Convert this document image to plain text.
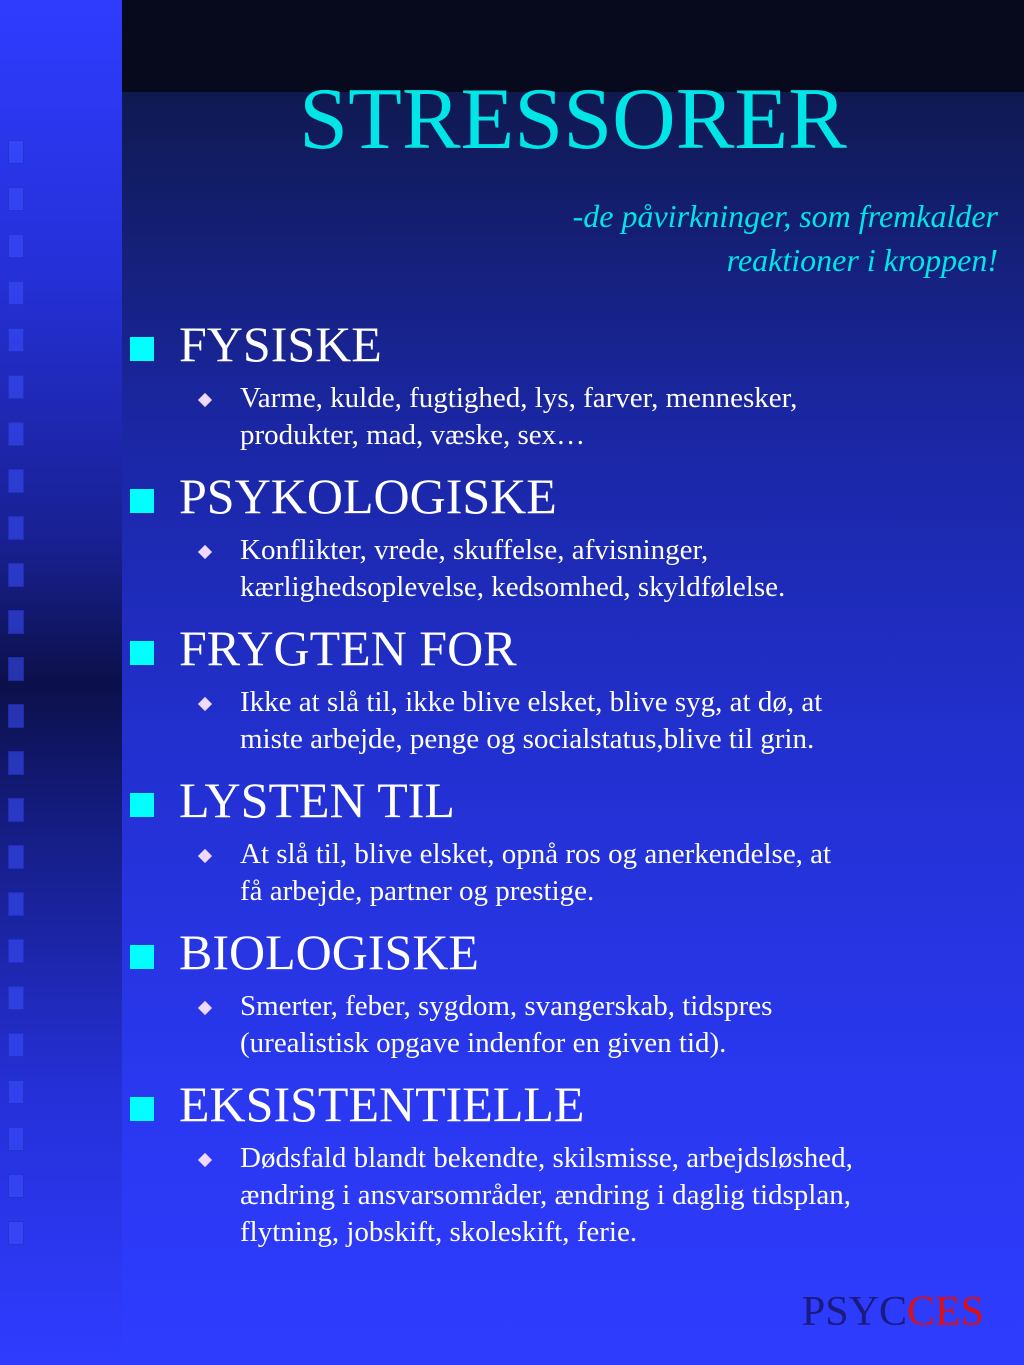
STRESSORER
-de påvirkninger, som fremkalder
reaktioner i kroppen!
FYSISKE
Varme, kulde, fugtighed, lys, farver, mennesker,
produkter, mad, væske, sex…
PSYKOLOGISKE
Konflikter, vrede, skuffelse, afvisninger,
kærlighedsoplevelse, kedsomhed, skyldfølelse.
FRYGTEN FOR
Ikke at slå til, ikke blive elsket, blive syg, at dø, at
miste arbejde, penge og socialstatus,blive til grin.
LYSTEN TIL
At slå til, blive elsket, opnå ros og anerkendelse, at
få arbejde, partner og prestige.
BIOLOGISKE
Smerter, feber, sygdom, svangerskab, tidspres
(urealistisk opgave indenfor en given tid).
EKSISTENTIELLE
Dødsfald blandt bekendte, skilsmisse, arbejdsløshed,
ændring i ansvarsområder, ændring i daglig tidsplan,
flytning, jobskift, skoleskift, ferie.
PSYCCES
